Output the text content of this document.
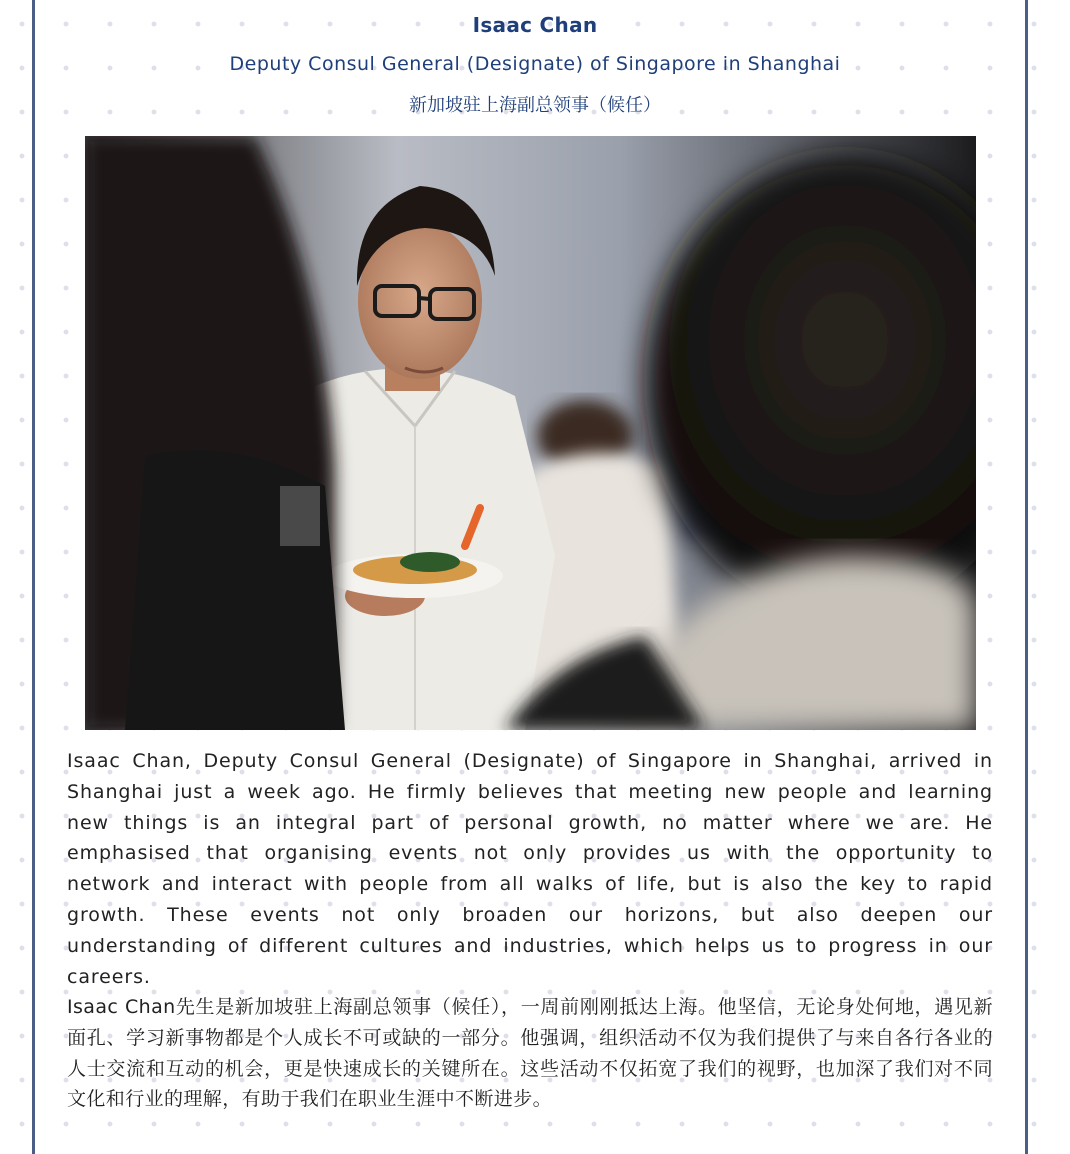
Isaac Chan

Deputy Consul General (Designate) of Singapore in Shanghai

新加坡驻上海副总领事（候任）

Isaac Chan, Deputy Consul General (Designate) of Singapore in Shanghai, arrived in Shanghai just a week ago. He firmly believes that meeting new people and learning new things is an integral part of personal growth, no matter where we are. He emphasised that organising events not only provides us with the opportunity to network and interact with people from all walks of life, but is also the key to rapid growth. These events not only broaden our horizons, but also deepen our understanding of different cultures and industries, which helps us to progress in our careers.

Isaac Chan先生是新加坡驻上海副总领事（候任），一周前刚刚抵达上海。他坚信，无论身处何地，遇见新面孔、学习新事物都是个人成长不可或缺的一部分。他强调，组织活动不仅为我们提供了与来自各行各业的人士交流和互动的机会，更是快速成长的关键所在。这些活动不仅拓宽了我们的视野，也加深了我们对不同文化和行业的理解，有助于我们在职业生涯中不断进步。
